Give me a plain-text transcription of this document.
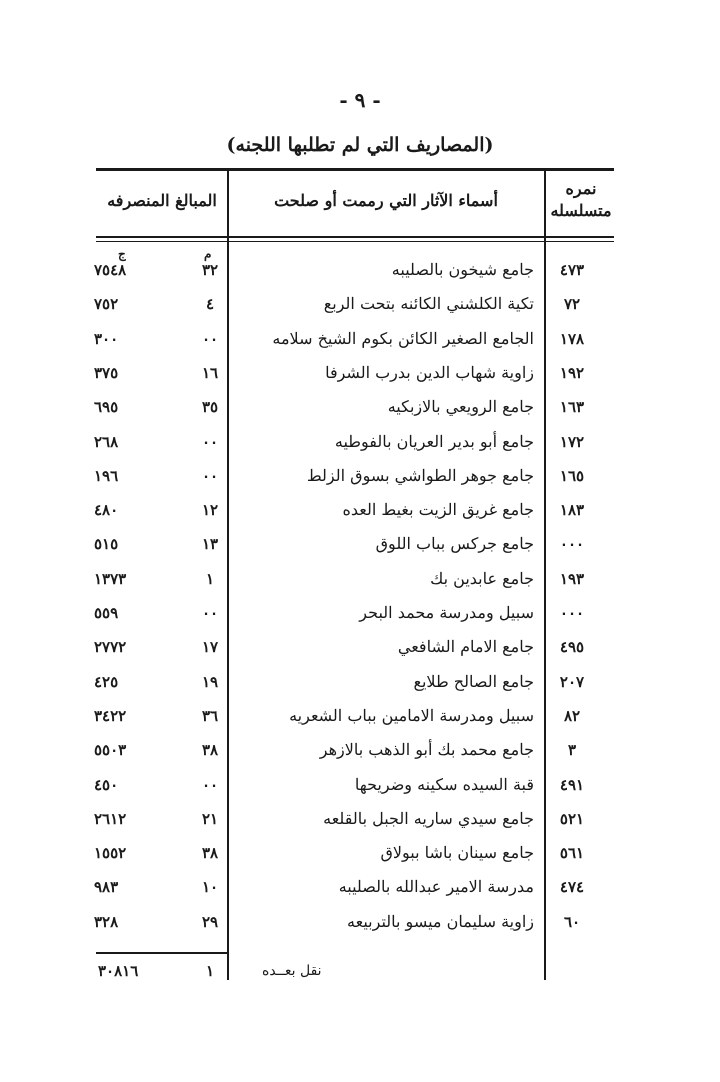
- ٩ -
(المصاريف التي لم تطلبها اللجنه)
نمره متسلسله
أسماء الآثار التي رممت أو صلحت
المبالغ المنصرفه
ج	م
٤٧٣
جامع شيخون بالصليبه
٣٢
٧٥٤٨
٧٢
تكية الكلشني الكائنه بتحت الربع
٤
٧٥٢
١٧٨
الجامع الصغير الكائن بكوم الشيخ سلامه
٠٠
٣٠٠
١٩٢
زاوية شهاب الدين بدرب الشرفا
١٦
٣٧٥
١٦٣
جامع الرويعي بالازبكيه
٣٥
٦٩٥
١٧٢
جامع أبو بدير العريان بالفوطيه
٠٠
٢٦٨
١٦٥
جامع جوهر الطواشي بسوق الزلط
٠٠
١٩٦
١٨٣
جامع غريق الزيت بغيط العده
١٢
٤٨٠
٠٠٠
جامع جركس بباب اللوق
١٣
٥١٥
١٩٣
جامع عابدين بك
١
١٣٧٣
٠٠٠
سبيل ومدرسة محمد البحر
٠٠
٥٥٩
٤٩٥
جامع الامام الشافعي
١٧
٢٧٧٢
٢٠٧
جامع الصالح طلايع
١٩
٤٢٥
٨٢
سبيل ومدرسة الامامين بباب الشعريه
٣٦
٣٤٢٢
٣
جامع محمد بك أبو الذهب بالازهر
٣٨
٥٥٠٣
٤٩١
قبة السيده سكينه وضريحها
٠٠
٤٥٠
٥٢١
جامع سيدي ساريه الجبل بالقلعه
٢١
٢٦١٢
٥٦١
جامع سينان باشا ببولاق
٣٨
١٥٥٢
٤٧٤
مدرسة الامير عبدالله بالصليبه
١٠
٩٨٣
٦٠
زاوية سليمان ميسو بالتربيعه
٢٩
٣٢٨
نقل بعــده
١
٣٠٨١٦
